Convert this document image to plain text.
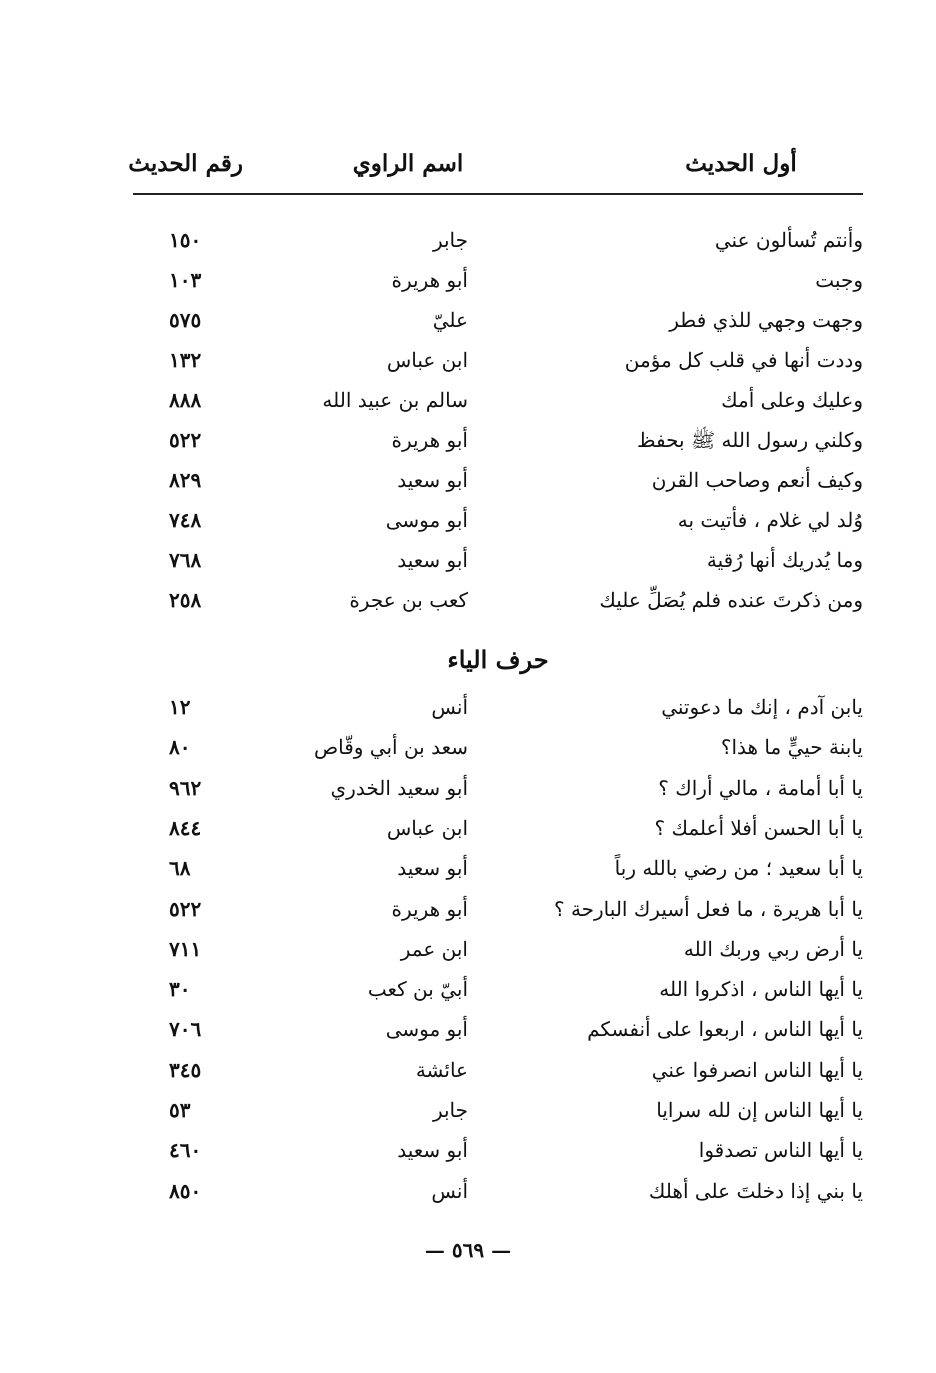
أول الحديث
اسم الراوي
رقم الحديث
وأنتم تُسألون عني
جابر
١٥٠
وجبت
أبو هريرة
١٠٣
وجهت وجهي للذي فطر
عليّ
٥٧٥
وددت أنها في قلب كل مؤمن
ابن عباس
١٣٢
وعليك وعلى أمك
سالم بن عبيد الله
٨٨٨
وكلني رسول الله ﷺ بحفظ
أبو هريرة
٥٢٢
وكيف أنعم وصاحب القرن
أبو سعيد
٨٢٩
وُلد لي غلام ، فأتيت به
أبو موسى
٧٤٨
وما يُدريك أنها رُقية
أبو سعيد
٧٦٨
ومن ذكرتَ عنده فلم يُصَلِّ عليك
كعب بن عجرة
٢٥٨
حرف الياء
يابن آدم ، إنك ما دعوتني
أنس
١٢
يابنة حييٍّ ما هذا؟
سعد بن أبي وقّاص
٨٠
يا أبا أمامة ، مالي أراك ؟
أبو سعيد الخدري
٩٦٢
يا أبا الحسن أفلا أعلمك ؟
ابن عباس
٨٤٤
يا أبا سعيد ؛ من رضي بالله رباً
أبو سعيد
٦٨
يا أبا هريرة ، ما فعل أسيرك البارحة ؟
أبو هريرة
٥٢٢
يا أرض ربي وربك الله
ابن عمر
٧١١
يا أيها الناس ، اذكروا الله
أبيّ بن كعب
٣٠
يا أيها الناس ، اربعوا على أنفسكم
أبو موسى
٧٠٦
يا أيها الناس انصرفوا عني
عائشة
٣٤٥
يا أيها الناس إن لله سرايا
جابر
٥٣
يا أيها الناس تصدقوا
أبو سعيد
٤٦٠
يا بني إذا دخلتَ على أهلك
أنس
٨٥٠
— ٥٦٩ —
